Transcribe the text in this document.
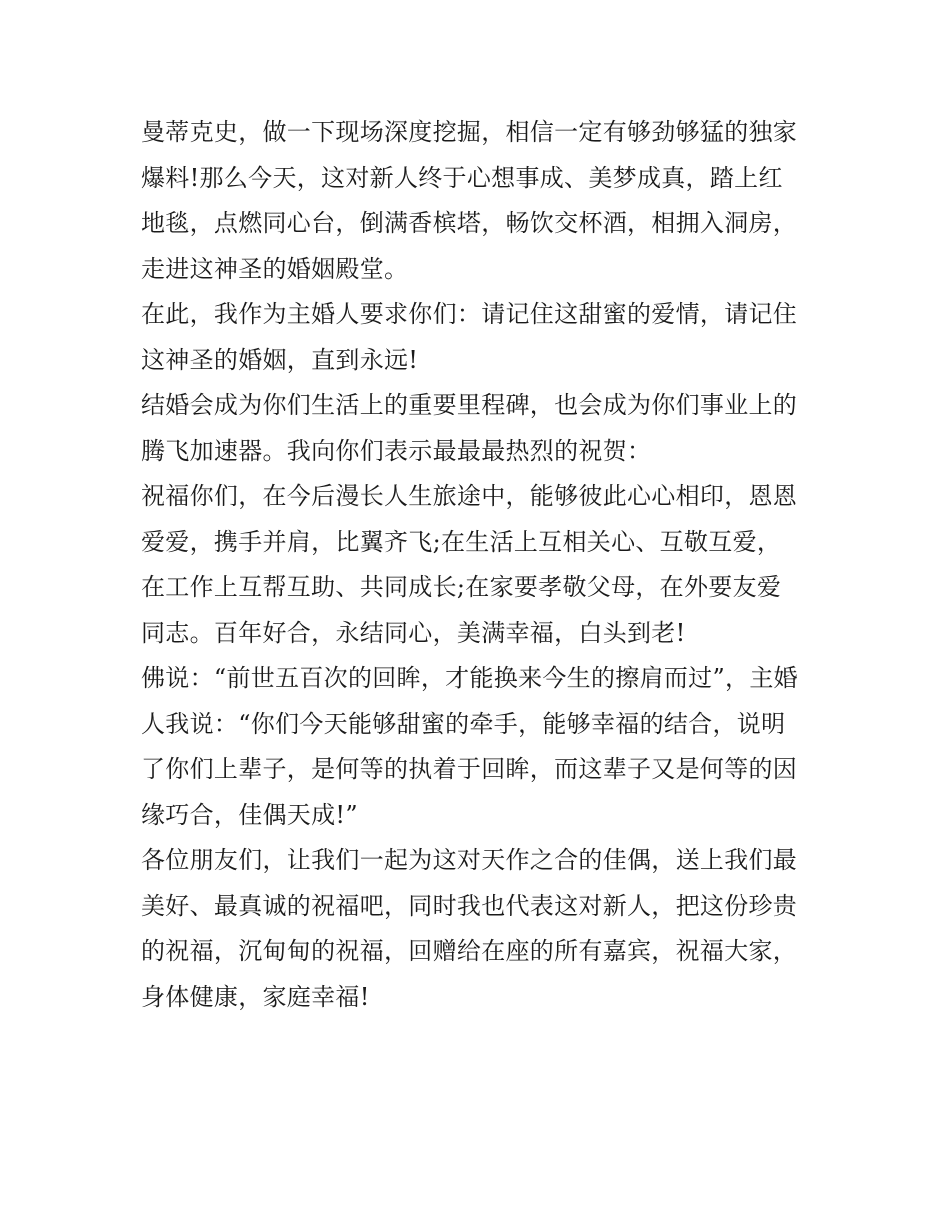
曼蒂克史，做一下现场深度挖掘，相信一定有够劲够猛的独家
爆料!那么今天，这对新人终于心想事成、美梦成真，踏上红
地毯，点燃同心台，倒满香槟塔，畅饮交杯酒，相拥入洞房，
走进这神圣的婚姻殿堂。
在此，我作为主婚人要求你们：请记住这甜蜜的爱情，请记住
这神圣的婚姻，直到永远!
结婚会成为你们生活上的重要里程碑，也会成为你们事业上的
腾飞加速器。我向你们表示最最最热烈的祝贺：
祝福你们，在今后漫长人生旅途中，能够彼此心心相印，恩恩
爱爱，携手并肩，比翼齐飞;在生活上互相关心、互敬互爱，
在工作上互帮互助、共同成长;在家要孝敬父母，在外要友爱
同志。百年好合，永结同心，美满幸福，白头到老!
佛说：“前世五百次的回眸，才能换来今生的擦肩而过”，主婚
人我说：“你们今天能够甜蜜的牵手，能够幸福的结合，说明
了你们上辈子，是何等的执着于回眸，而这辈子又是何等的因
缘巧合，佳偶天成!”
各位朋友们，让我们一起为这对天作之合的佳偶，送上我们最
美好、最真诚的祝福吧，同时我也代表这对新人，把这份珍贵
的祝福，沉甸甸的祝福，回赠给在座的所有嘉宾，祝福大家，
身体健康，家庭幸福!
